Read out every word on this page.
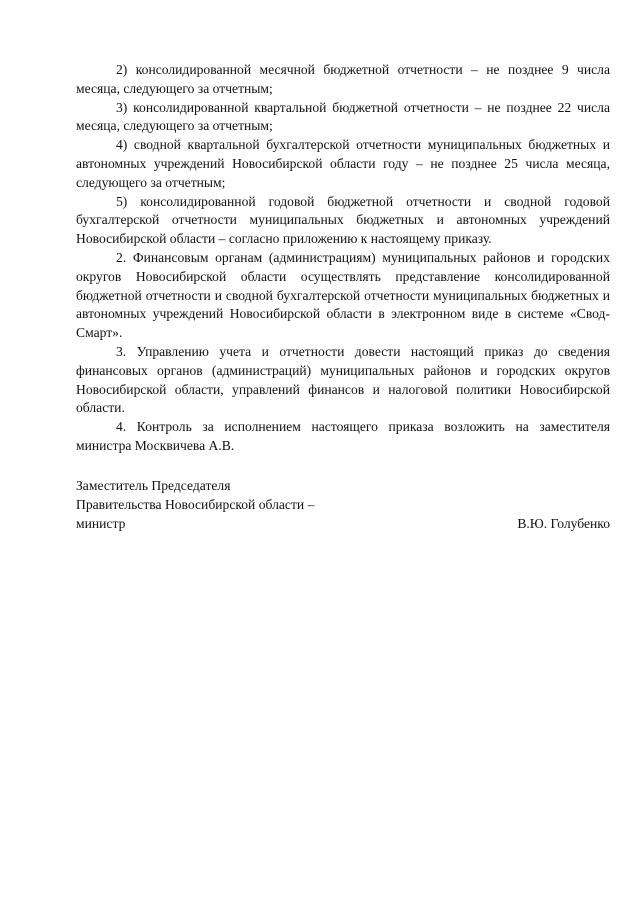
2) консолидированной месячной бюджетной отчетности – не позднее 9 числа месяца, следующего за отчетным;

3) консолидированной квартальной бюджетной отчетности – не позднее 22 числа месяца, следующего за отчетным;

4) сводной квартальной бухгалтерской отчетности муниципальных бюджетных и автономных учреждений Новосибирской области году – не позднее 25 числа месяца, следующего за отчетным;

5) консолидированной годовой бюджетной отчетности и сводной годовой бухгалтерской отчетности муниципальных бюджетных и автономных учреждений Новосибирской области – согласно приложению к настоящему приказу.

2. Финансовым органам (администрациям) муниципальных районов и городских округов Новосибирской области осуществлять представление консолидированной бюджетной отчетности и сводной бухгалтерской отчетности муниципальных бюджетных и автономных учреждений Новосибирской области в электронном виде в системе «Свод-Смарт».

3. Управлению учета и отчетности довести настоящий приказ до сведения финансовых органов (администраций) муниципальных районов и городских округов Новосибирской области, управлений финансов и налоговой политики Новосибирской области.

4. Контроль за исполнением настоящего приказа возложить на заместителя министра Москвичева А.В.

Заместитель Председателя
Правительства Новосибирской области –
министр	В.Ю. Голубенко
